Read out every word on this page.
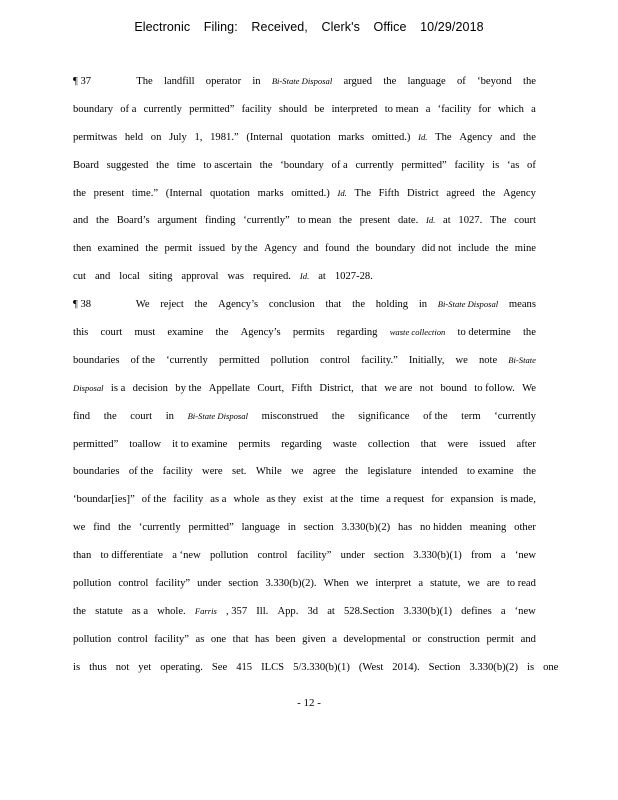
Electronic Filing: Received, Clerk's Office 10/29/2018
¶ 37	The landfill operator in Bi-State Disposal argued the language of ‘beyond the
boundary of a currently permitted” facility should be interpreted to mean a ‘facility for which a
permitwas held on July 1, 1981.” (Internal quotation marks omitted.) Id. The Agency and the
Board suggested the time to ascertain the ‘boundary of a currently permitted” facility is ‘as of
the present time.” (Internal quotation marks omitted.) Id. The Fifth District agreed the Agency
and the Board’s argument finding ‘currently” to mean the present date. Id. at 1027. The court
then examined the permit issued by the Agency and found the boundary did not include the mine
cut and local siting approval was required. Id. at 1027-28.
¶ 38	We reject the Agency’s conclusion that the holding in Bi-State Disposal means
this court must examine the Agency’s permits regarding waste collection to determine the
boundaries of the ‘currently permitted pollution control facility.” Initially, we note Bi-State
Disposal is a decision by the Appellate Court, Fifth District, that we are not bound to follow. We
find the court in Bi-State Disposal misconstrued the significance of the term ‘currently
permitted” toallow it to examine permits regarding waste collection that were issued after
boundaries of the facility were set. While we agree the legislature intended to examine the
‘boundar[ies]” of the facility as a whole as they exist at the time a request for expansion is made,
we find the ‘currently permitted” language in section 3.330(b)(2) has no hidden meaning other
than to differentiate a ‘new pollution control facility” under section 3.330(b)(1) from a ‘new
pollution control facility” under section 3.330(b)(2). When we interpret a statute, we are to read
the statute as a whole. Farris , 357 Ill. App. 3d at 528.Section 3.330(b)(1) defines a ‘new
pollution control facility” as one that has been given a developmental or construction permit and
is thus not yet operating. See 415 ILCS 5/3.330(b)(1) (West 2014). Section 3.330(b)(2) is one
- 12 -
